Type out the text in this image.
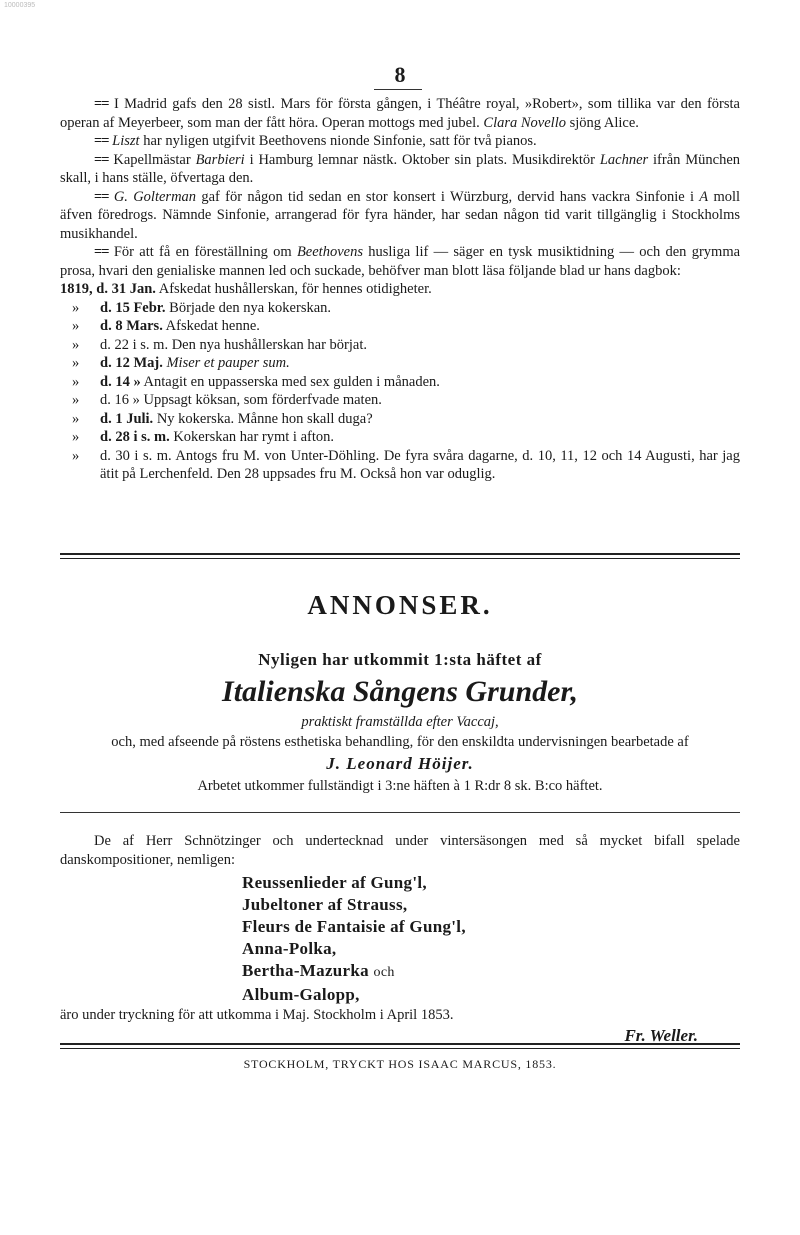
10000395
8

== I Madrid gafs den 28 sistl. Mars för första gången, i Théâtre royal, »Robert», som tillika var den första operan af Meyerbeer, som man der fått höra. Operan mottogs med jubel. Clara Novello sjöng Alice.

== Liszt har nyligen utgifvit Beethovens nionde Sinfonie, satt för två pianos.

== Kapellmästar Barbieri i Hamburg lemnar nästk. Oktober sin plats. Musikdirektör Lachner ifrån München skall, i hans ställe, öfvertaga den.

== G. Golterman gaf för någon tid sedan en stor konsert i Würzburg, dervid hans vackra Sinfonie i A moll äfven föredrogs. Nämnde Sinfonie, arrangerad för fyra händer, har sedan någon tid varit tillgänglig i Stockholms musikhandel.

== För att få en föreställning om Beethovens husliga lif — säger en tysk musiktidning — och den grymma prosa, hvari den genialiske mannen led och suckade, behöfver man blott läsa följande blad ur hans dagbok:

1819, d. 31 Jan. Afskedat hushållerskan, för hennes otidigheter.
»	d. 15 Febr. Började den nya kokerskan.
»	d. 8 Mars. Afskedat henne.
»	d. 22 i s. m. Den nya hushållerskan har börjat.
»	d. 12 Maj. Miser et pauper sum.
»	d. 14 » Antagit en uppasserska med sex gulden i månaden.
»	d. 16 » Uppsagt köksan, som förderfvade maten.
»	d. 1 Juli. Ny kokerska. Månne hon skall duga?
»	d. 28 i s. m. Kokerskan har rymt i afton.
»	d. 30 i s. m. Antogs fru M. von Unter-Döhling. De fyra svåra dagarne, d. 10, 11, 12 och 14 Augusti, har jag ätit på Lerchenfeld. Den 28 uppsades fru M. Också hon var oduglig.
ANNONSER.
Nyligen har utkommit 1:sta häftet af
Italienska Sångens Grunder,
praktiskt framställda efter Vaccaj,
och, med afseende på röstens esthetiska behandling, för den enskildta undervisningen bearbetade af
J. Leonard Höijer.
Arbetet utkommer fullständigt i 3:ne häften à 1 R:dr 8 sk. B:co häftet.

De af Herr Schnötzinger och undertecknad under vintersäsongen med så mycket bifall spelade danskompositioner, nemligen:

Reussenlieder af Gung'l,
Jubeltoner af Strauss,
Fleurs de Fantaisie af Gung'l,
Anna-Polka,
Bertha-Mazurka och
Album-Galopp,

äro under tryckning för att utkomma i Maj. Stockholm i April 1853.

Fr. Weller.
STOCKHOLM, TRYCKT HOS ISAAC MARCUS, 1853.
